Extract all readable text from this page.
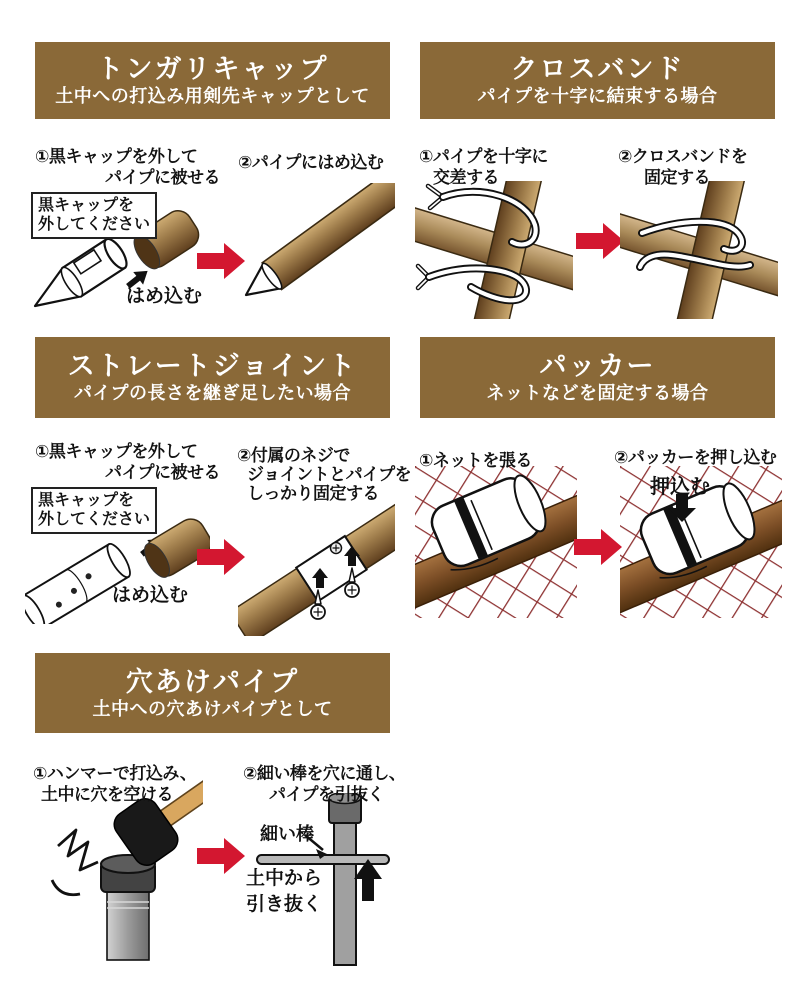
トンガリキャップ
土中への打込み用剣先キャップとして
①黒キャップを外して
パイプに被せる
②パイプにはめ込む
黒キャップを
外してください
はめ込む
クロスバンド
パイプを十字に結束する場合
①パイプを十字に
交差する
②クロスバンドを
固定する
ストレートジョイント
パイプの長さを継ぎ足したい場合
①黒キャップを外して
パイプに被せる
②付属のネジで
ジョイントとパイプを
しっかり固定する
黒キャップを
外してください
はめ込む
パッカー
ネットなどを固定する場合
①ネットを張る	②パッカーを押し込む
押込む
穴あけパイプ
土中への穴あけパイプとして
①ハンマーで打込み、
土中に穴を空ける
②細い棒を穴に通し、
パイプを引抜く
細い棒
土中から
引き抜く
